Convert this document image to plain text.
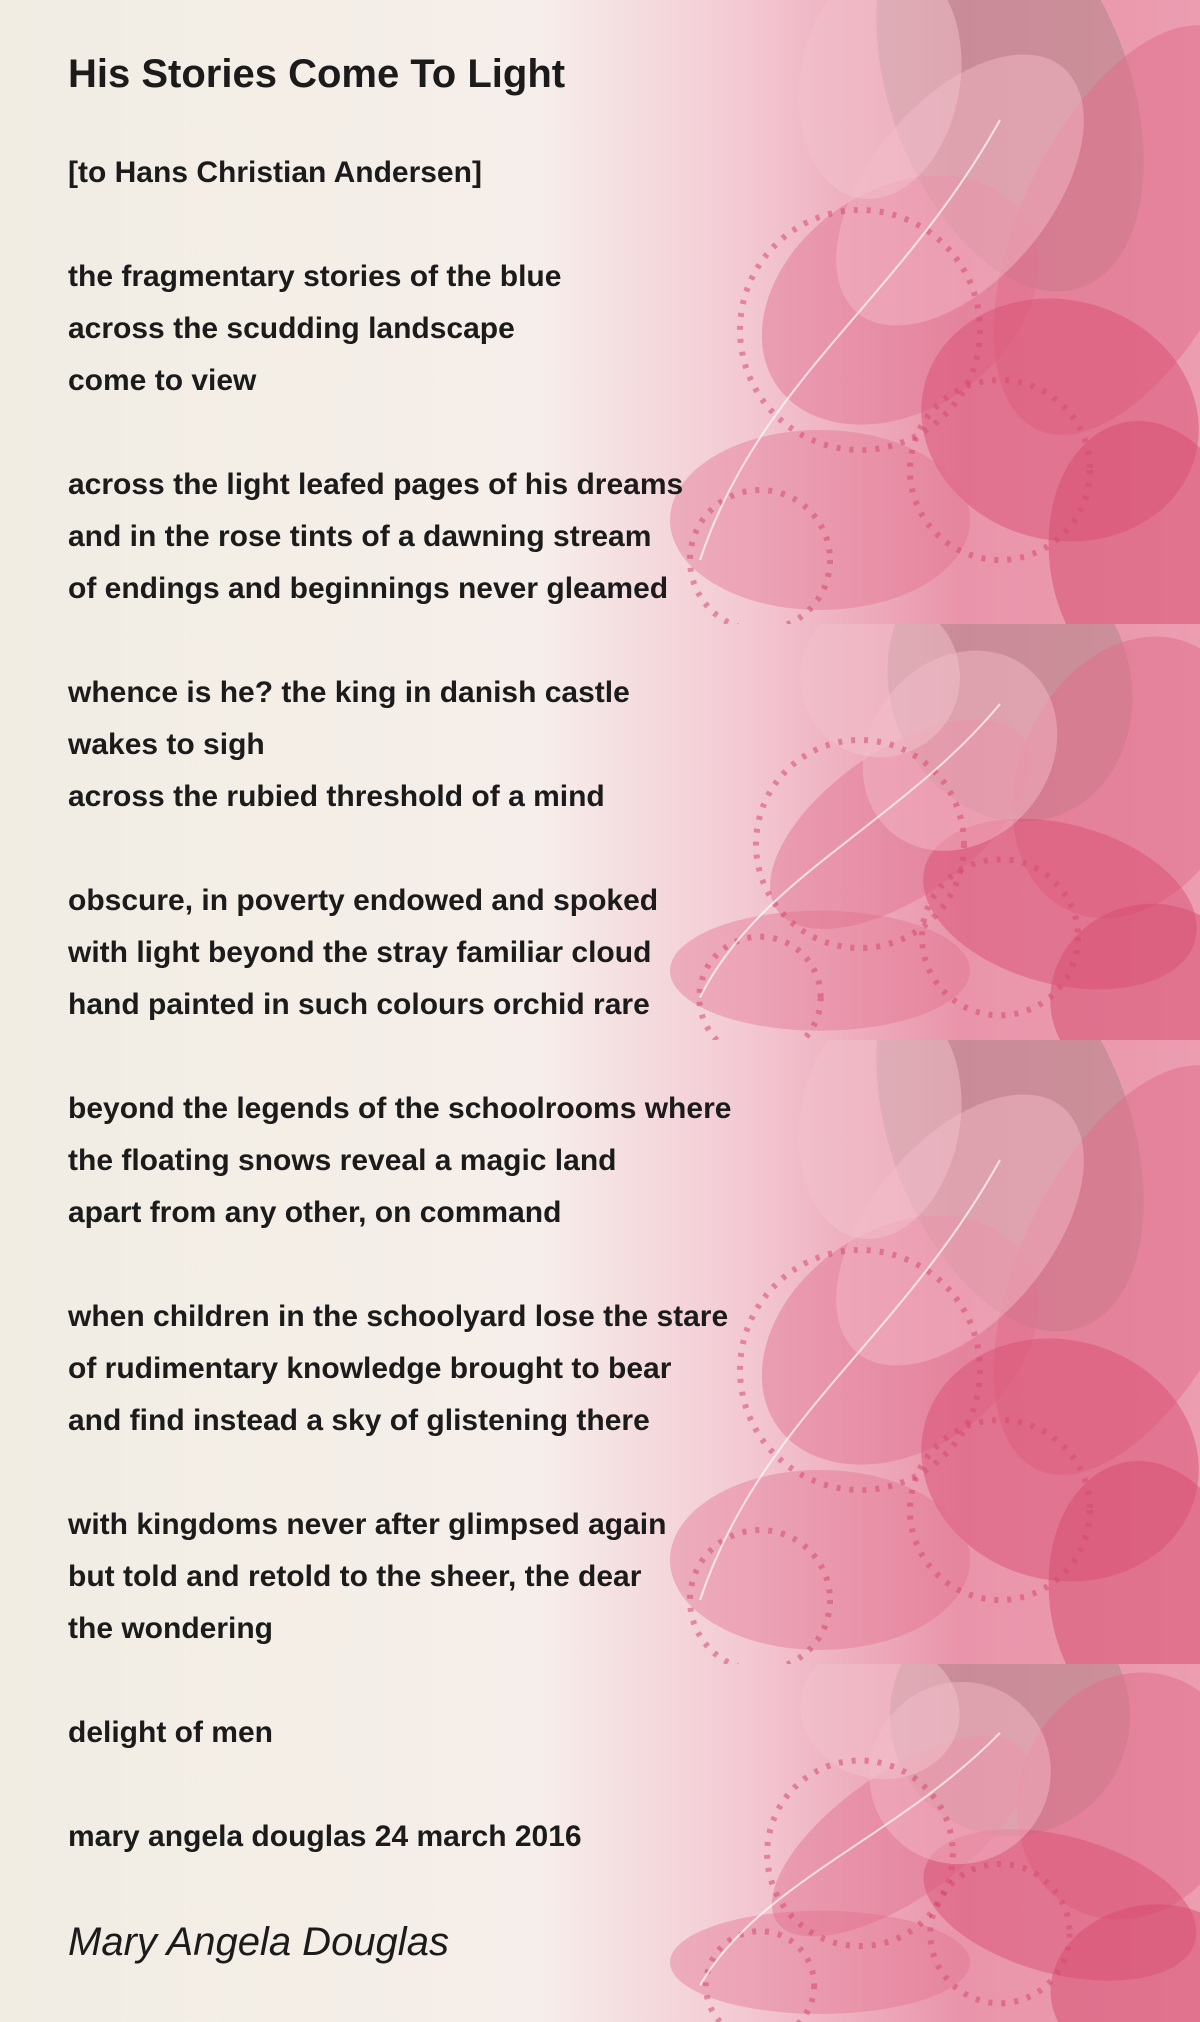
His Stories Come To Light

[to Hans Christian Andersen]

the fragmentary stories of the blue

across the scudding landscape

come to view

across the light leafed pages of his dreams

and in the rose tints of a dawning stream

of endings and beginnings never gleamed

whence is he? the king in danish castle

wakes to sigh

across the rubied threshold of a mind

obscure, in poverty endowed and spoked

with light beyond the stray familiar cloud

hand painted in such colours orchid rare

beyond the legends of the schoolrooms where

the floating snows reveal a magic land

apart from any other, on command

when children in the schoolyard lose the stare

of rudimentary knowledge brought to bear

and find instead a sky of glistening there

with kingdoms never after glimpsed again

but told and retold to the sheer, the dear

the wondering

delight of men

mary angela douglas 24 march 2016

Mary Angela Douglas
